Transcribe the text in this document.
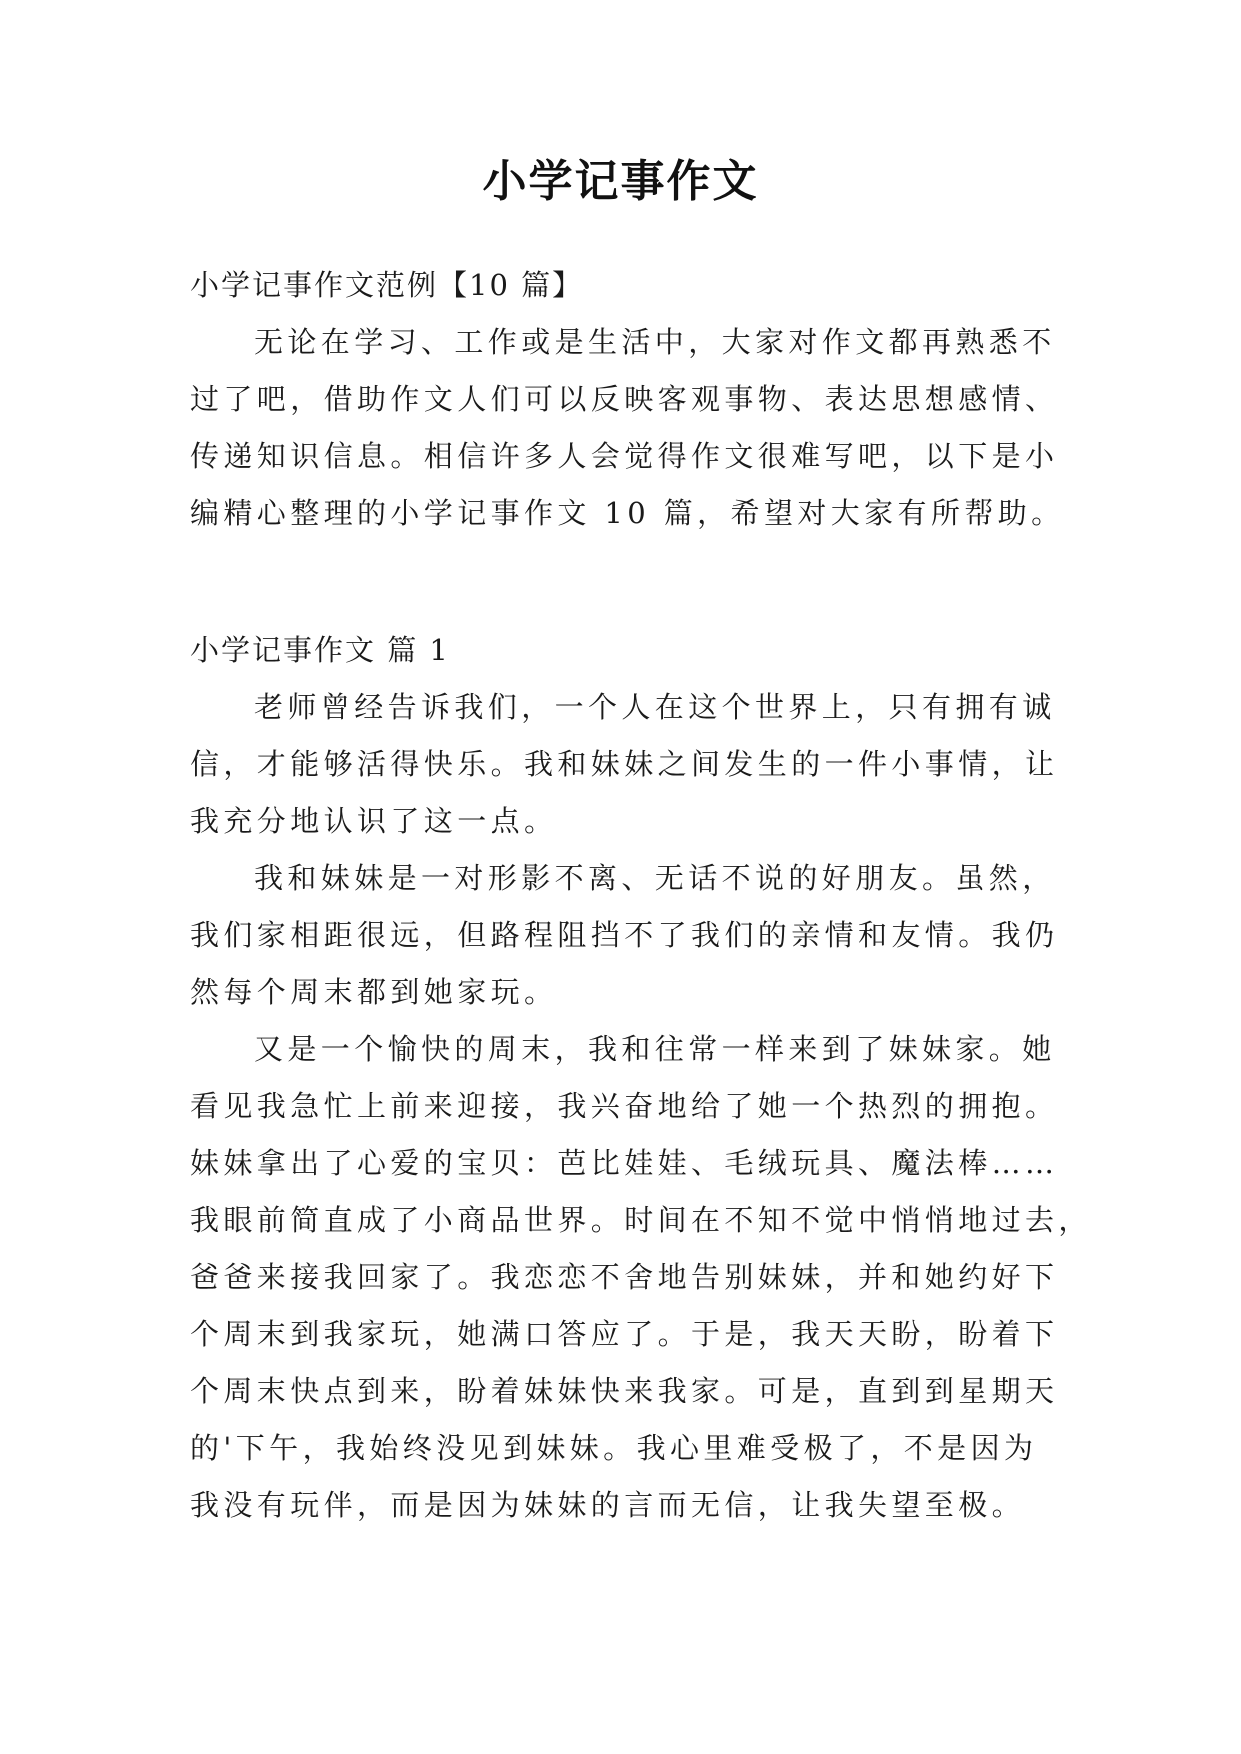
小学记事作文

小学记事作文范例【10 篇】

无论在学习、工作或是生活中，大家对作文都再熟悉不

过了吧，借助作文人们可以反映客观事物、表达思想感情、

传递知识信息。相信许多人会觉得作文很难写吧，以下是小

编精心整理的小学记事作文 10 篇，希望对大家有所帮助。

小学记事作文 篇 1

老师曾经告诉我们，一个人在这个世界上，只有拥有诚

信，才能够活得快乐。我和妹妹之间发生的一件小事情，让

我充分地认识了这一点。

我和妹妹是一对形影不离、无话不说的好朋友。虽然，

我们家相距很远，但路程阻挡不了我们的亲情和友情。我仍

然每个周末都到她家玩。

又是一个愉快的周末，我和往常一样来到了妹妹家。她

看见我急忙上前来迎接，我兴奋地给了她一个热烈的拥抱。

妹妹拿出了心爱的宝贝：芭比娃娃、毛绒玩具、魔法棒……

我眼前简直成了小商品世界。时间在不知不觉中悄悄地过去，

爸爸来接我回家了。我恋恋不舍地告别妹妹，并和她约好下

个周末到我家玩，她满口答应了。于是，我天天盼，盼着下

个周末快点到来，盼着妹妹快来我家。可是，直到到星期天

的'下午，我始终没见到妹妹。我心里难受极了，不是因为

我没有玩伴，而是因为妹妹的言而无信，让我失望至极。
